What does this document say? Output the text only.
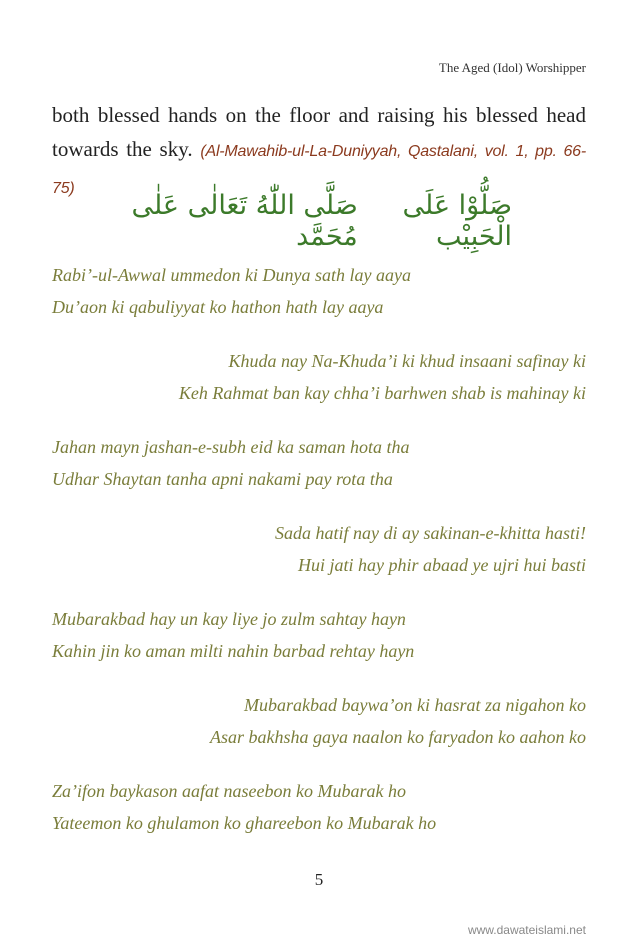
The Aged (Idol) Worshipper
both blessed hands on the floor and raising his blessed head
towards the sky. (Al-Mawahib-ul-La-Duniyyah, Qastalani, vol. 1, pp. 66-75)
صَلُّوْا عَلَى الْحَبِيْب
صَلَّى اللّٰهُ تَعَالٰى عَلٰى مُحَمَّد
Rabi’-ul-Awwal ummedon ki Dunya sath lay aaya
Du’aon ki qabuliyyat ko hathon hath lay aaya
Khuda nay Na-Khuda’i ki khud insaani safinay ki
Keh Rahmat ban kay chha’i barhwen shab is mahinay ki
Jahan mayn jashan-e-subh eid ka saman hota tha
Udhar Shaytan tanha apni nakami pay rota tha
Sada hatif nay di ay sakinan-e-khitta hasti!
Hui jati hay phir abaad ye ujri hui basti
Mubarakbad hay un kay liye jo zulm sahtay hayn
Kahin jin ko aman milti nahin barbad rehtay hayn
Mubarakbad baywa’on ki hasrat za nigahon ko
Asar bakhsha gaya naalon ko faryadon ko aahon ko
Za’ifon baykason aafat naseebon ko Mubarak ho
Yateemon ko ghulamon ko ghareebon ko Mubarak ho
5
www.dawateislami.net
